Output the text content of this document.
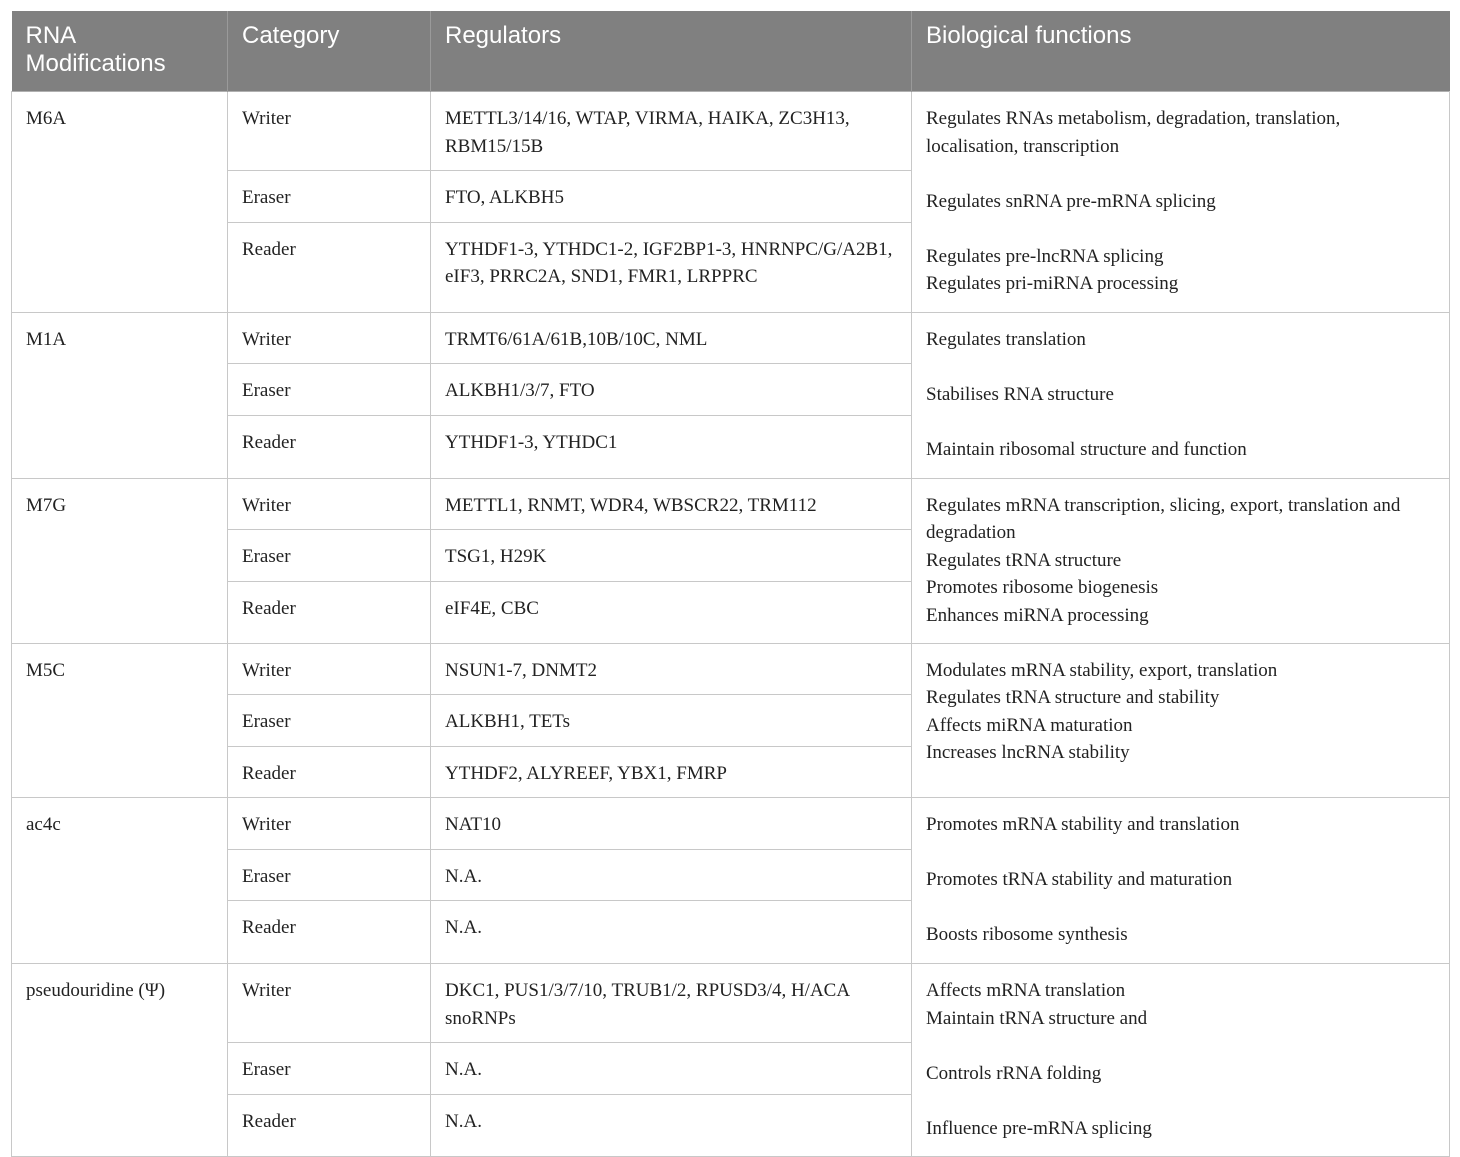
RNA Modifications	Category	Regulators	Biological functions
M6A	Writer	METTL3/14/16, WTAP, VIRMA, HAIKA, ZC3H13, RBM15/15B	Regulates RNAs metabolism, degradation, translation, localisation, transcription
Regulates snRNA pre-mRNA splicing
Regulates pre-lncRNA splicing
Regulates pri-miRNA processing

	Eraser	FTO, ALKBH5	
	Reader	YTHDF1-3, YTHDC1-2, IGF2BP1-3, HNRNPC/G/A2B1, eIF3, PRRC2A, SND1, FMR1, LRPPRC	
M1A	Writer	TRMT6/61A/61B,10B/10C, NML	Regulates translation
Stabilises RNA structure
Maintain ribosomal structure and function

	Eraser	ALKBH1/3/7, FTO	
	Reader	YTHDF1-3, YTHDC1	
M7G	Writer	METTL1, RNMT, WDR4, WBSCR22, TRM112	Regulates mRNA transcription, slicing, export, translation and degradation
Regulates tRNA structure
Promotes ribosome biogenesis
Enhances miRNA processing

	Eraser	TSG1, H29K	
	Reader	eIF4E, CBC	
M5C	Writer	NSUN1-7, DNMT2	Modulates mRNA stability, export, translation
Regulates tRNA structure and stability
Affects miRNA maturation
Increases lncRNA stability

	Eraser	ALKBH1, TETs	
	Reader	YTHDF2, ALYREEF, YBX1, FMRP	
ac4c	Writer	NAT10	Promotes mRNA stability and translation
Promotes tRNA stability and maturation
Boosts ribosome synthesis

	Eraser	N.A.	
	Reader	N.A.	
pseudouridine (Ψ)	Writer	DKC1, PUS1/3/7/10, TRUB1/2, RPUSD3/4, H/ACA snoRNPs	Affects mRNA translation
Maintain tRNA structure and
Controls rRNA folding
Influence pre-mRNA splicing

	Eraser	N.A.	
	Reader	N.A.	
